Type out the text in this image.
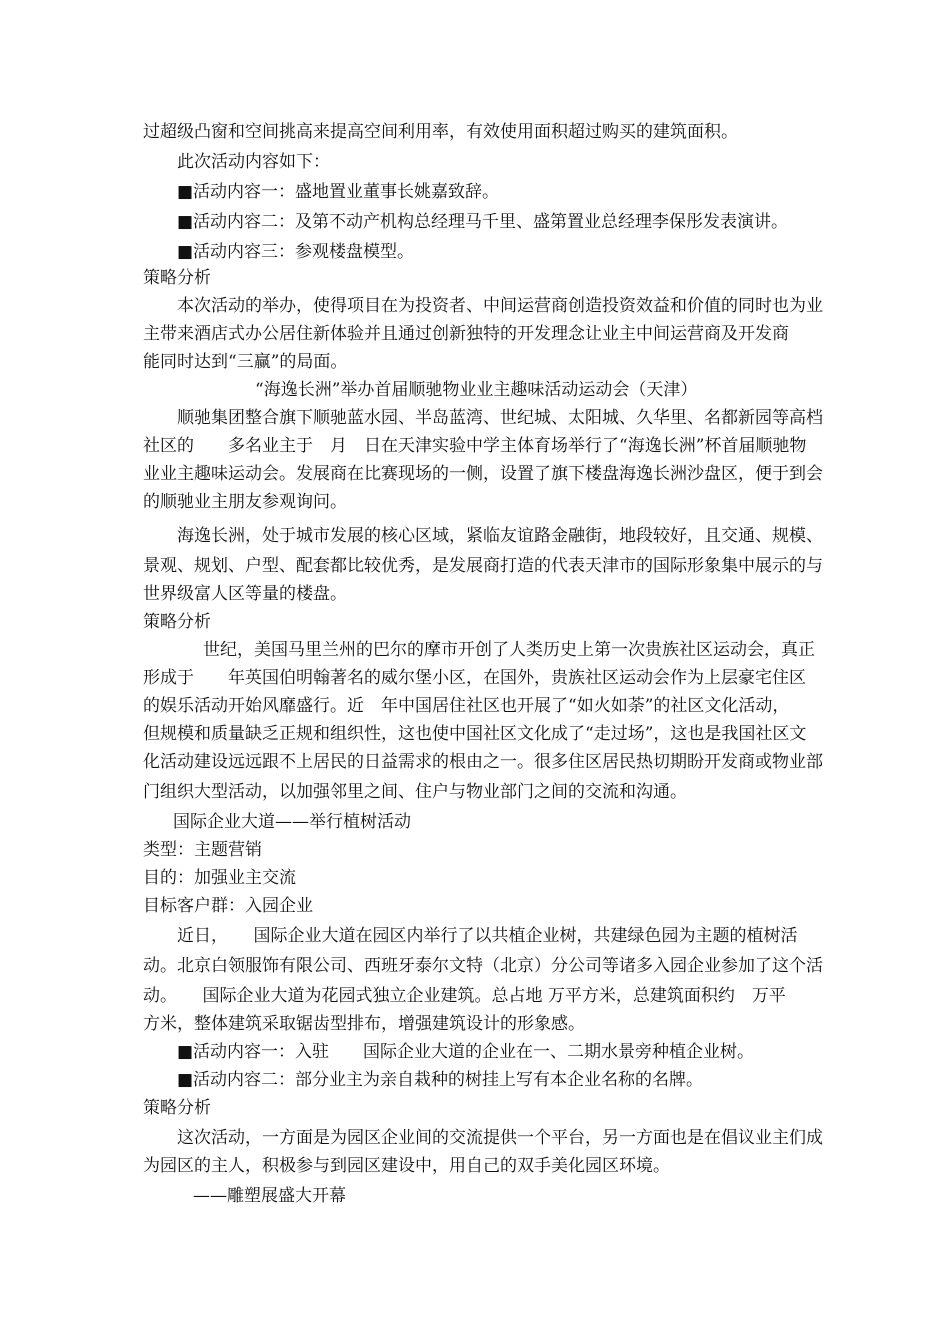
过超级凸窗和空间挑高来提高空间利用率，有效使用面积超过购买的建筑面积。
此次活动内容如下：
■活动内容一：盛地置业董事长姚嘉致辞。
■活动内容二：及第不动产机构总经理马千里、盛第置业总经理李保彤发表演讲。
■活动内容三：参观楼盘模型。
策略分析
本次活动的举办，使得项目在为投资者、中间运营商创造投资效益和价值的同时也为业
主带来酒店式办公居住新体验并且通过创新独特的开发理念让业主中间运营商及开发商
能同时达到“三赢”的局面。
“海逸长洲”举办首届顺驰物业业主趣味活动运动会（天津）
顺驰集团整合旗下顺驰蓝水园、半岛蓝湾、世纪城、太阳城、久华里、名都新园等高档
社区的　　多名业主于　月　日在天津实验中学主体育场举行了“海逸长洲”杯首届顺驰物
业业主趣味运动会。发展商在比赛现场的一侧，设置了旗下楼盘海逸长洲沙盘区，便于到会
的顺驰业主朋友参观询问。
海逸长洲，处于城市发展的核心区域，紧临友谊路金融街，地段较好，且交通、规模、
景观、规划、户型、配套都比较优秀，是发展商打造的代表天津市的国际形象集中展示的与
世界级富人区等量的楼盘。
策略分析
世纪，美国马里兰州的巴尔的摩市开创了人类历史上第一次贵族社区运动会，真正
形成于　　年英国伯明翰著名的威尔堡小区，在国外，贵族社区运动会作为上层豪宅住区
的娱乐活动开始风靡盛行。近　年中国居住社区也开展了“如火如荼”的社区文化活动，
但规模和质量缺乏正规和组织性，这也使中国社区文化成了“走过场”，这也是我国社区文
化活动建设远远跟不上居民的日益需求的根由之一。很多住区居民热切期盼开发商或物业部
门组织大型活动，以加强邻里之间、住户与物业部门之间的交流和沟通。
国际企业大道——举行植树活动
类型：主题营销
目的：加强业主交流
目标客户群：入园企业
近日，　　国际企业大道在园区内举行了以共植企业树，共建绿色园为主题的植树活
动。北京白领服饰有限公司、西班牙泰尔文特（北京）分公司等诸多入园企业参加了这个活
动。　　国际企业大道为花园式独立企业建筑。总占地 万平方米，总建筑面积约　万平
方米，整体建筑采取锯齿型排布，增强建筑设计的形象感。
■活动内容一：入驻　　国际企业大道的企业在一、二期水景旁种植企业树。
■活动内容二：部分业主为亲自栽种的树挂上写有本企业名称的名牌。
策略分析
这次活动，一方面是为园区企业间的交流提供一个平台，另一方面也是在倡议业主们成
为园区的主人，积极参与到园区建设中，用自己的双手美化园区环境。
——雕塑展盛大开幕
